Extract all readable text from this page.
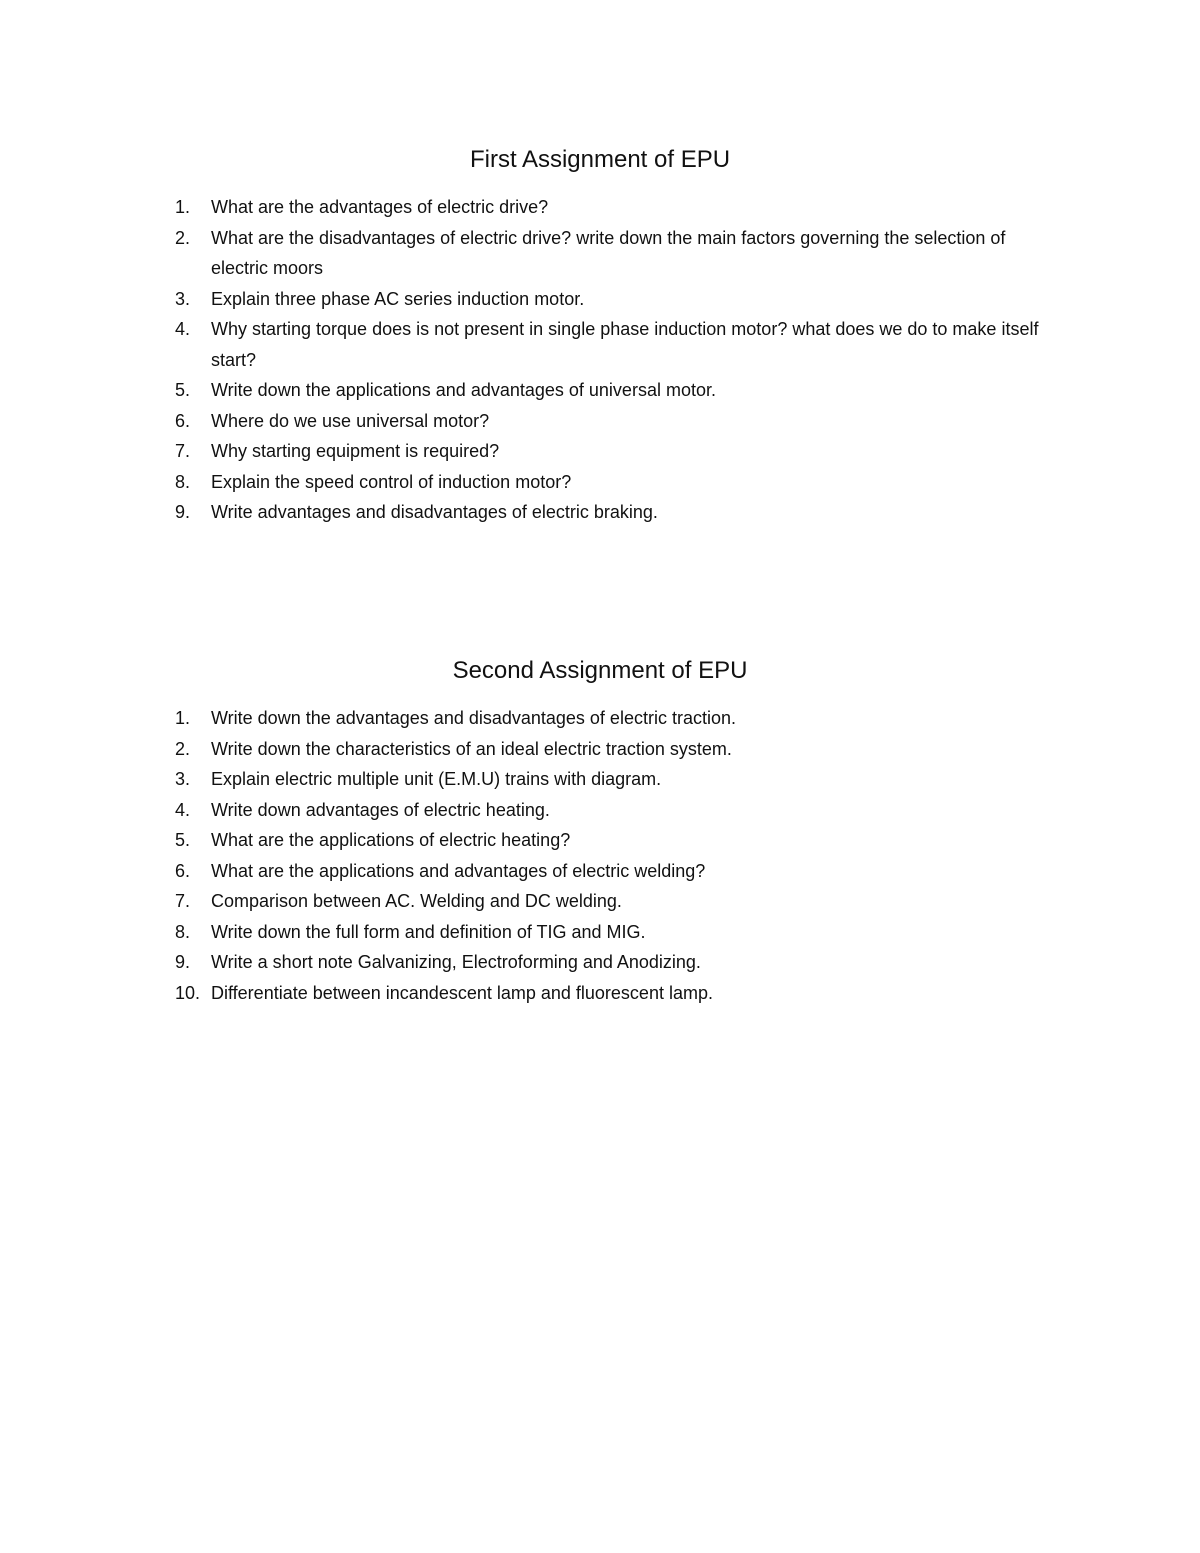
First Assignment of EPU
1.	What are the advantages of electric drive?
2.	What are the disadvantages of electric drive? write down the main factors governing the selection of electric moors
3.	Explain three phase AC series induction motor.
4.	Why starting torque does is not present in single phase induction motor? what does we do to make itself start?
5.	Write down the applications and advantages of universal motor.
6.	Where do we use universal motor?
7.	Why starting equipment is required?
8.	Explain the speed control of induction motor?
9.	Write advantages and disadvantages of electric braking.
Second Assignment of EPU
1.	Write down the advantages and disadvantages of electric traction.
2.	Write down the characteristics of an ideal electric traction system.
3.	Explain electric multiple unit (E.M.U) trains with diagram.
4.	Write down advantages of electric heating.
5.	What are the applications of electric heating?
6.	What are the applications and advantages of electric welding?
7.	Comparison between AC. Welding and DC welding.
8.	Write down the full form and definition of TIG and MIG.
9.	Write a short note Galvanizing, Electroforming and Anodizing.
10. Differentiate between incandescent lamp and fluorescent lamp.
